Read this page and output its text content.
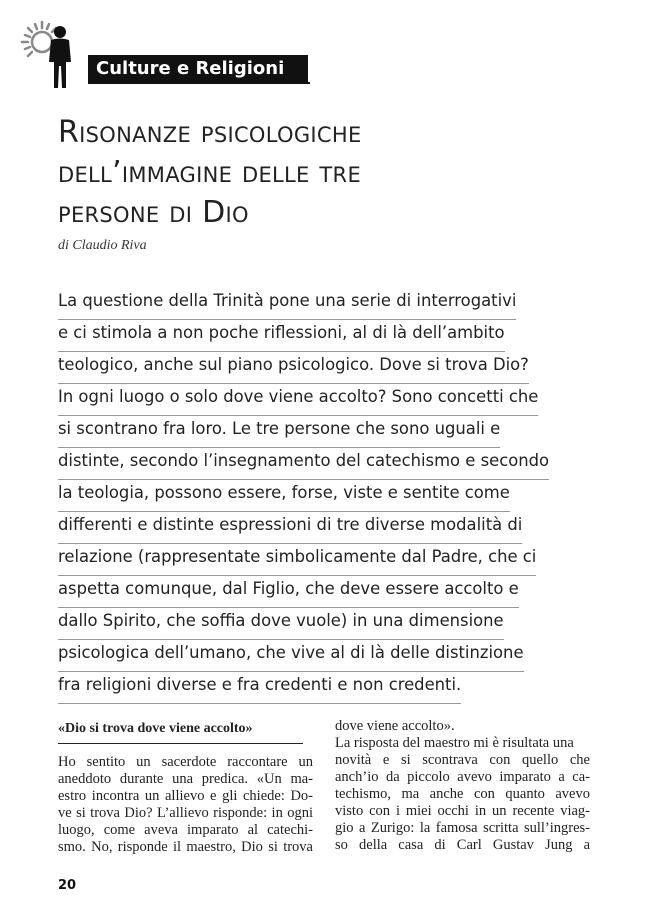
Culture e Religioni
Risonanze psicologiche
dell’immagine delle tre
persone di Dio
di Claudio Riva
La questione della Trinità pone una serie di interrogativi
e ci stimola a non poche riflessioni, al di là dell’ambito
teologico, anche sul piano psicologico. Dove si trova Dio?
In ogni luogo o solo dove viene accolto? Sono concetti che
si scontrano fra loro. Le tre persone che sono uguali e
distinte, secondo l’insegnamento del catechismo e secondo
la teologia, possono essere, forse, viste e sentite come
differenti e distinte espressioni di tre diverse modalità di
relazione (rappresentate simbolicamente dal Padre, che ci
aspetta comunque, dal Figlio, che deve essere accolto e
dallo Spirito, che soffia dove vuole) in una dimensione
psicologica dell’umano, che vive al di là delle distinzione
fra religioni diverse e fra credenti e non credenti.
«Dio si trova dove viene accolto»
Ho sentito un sacerdote raccontare un
aneddoto durante una predica. «Un ma-
estro incontra un allievo e gli chiede: Do-
ve si trova Dio? L’allievo risponde: in ogni
luogo, come aveva imparato al catechi-
smo. No, risponde il maestro, Dio si trova
dove viene accolto».
La risposta del maestro mi è risultata una
novità e si scontrava con quello che
anch’io da piccolo avevo imparato a ca-
techismo, ma anche con quanto avevo
visto con i miei occhi in un recente viag-
gio a Zurigo: la famosa scritta sull’ingres-
so della casa di Carl Gustav Jung a
20
